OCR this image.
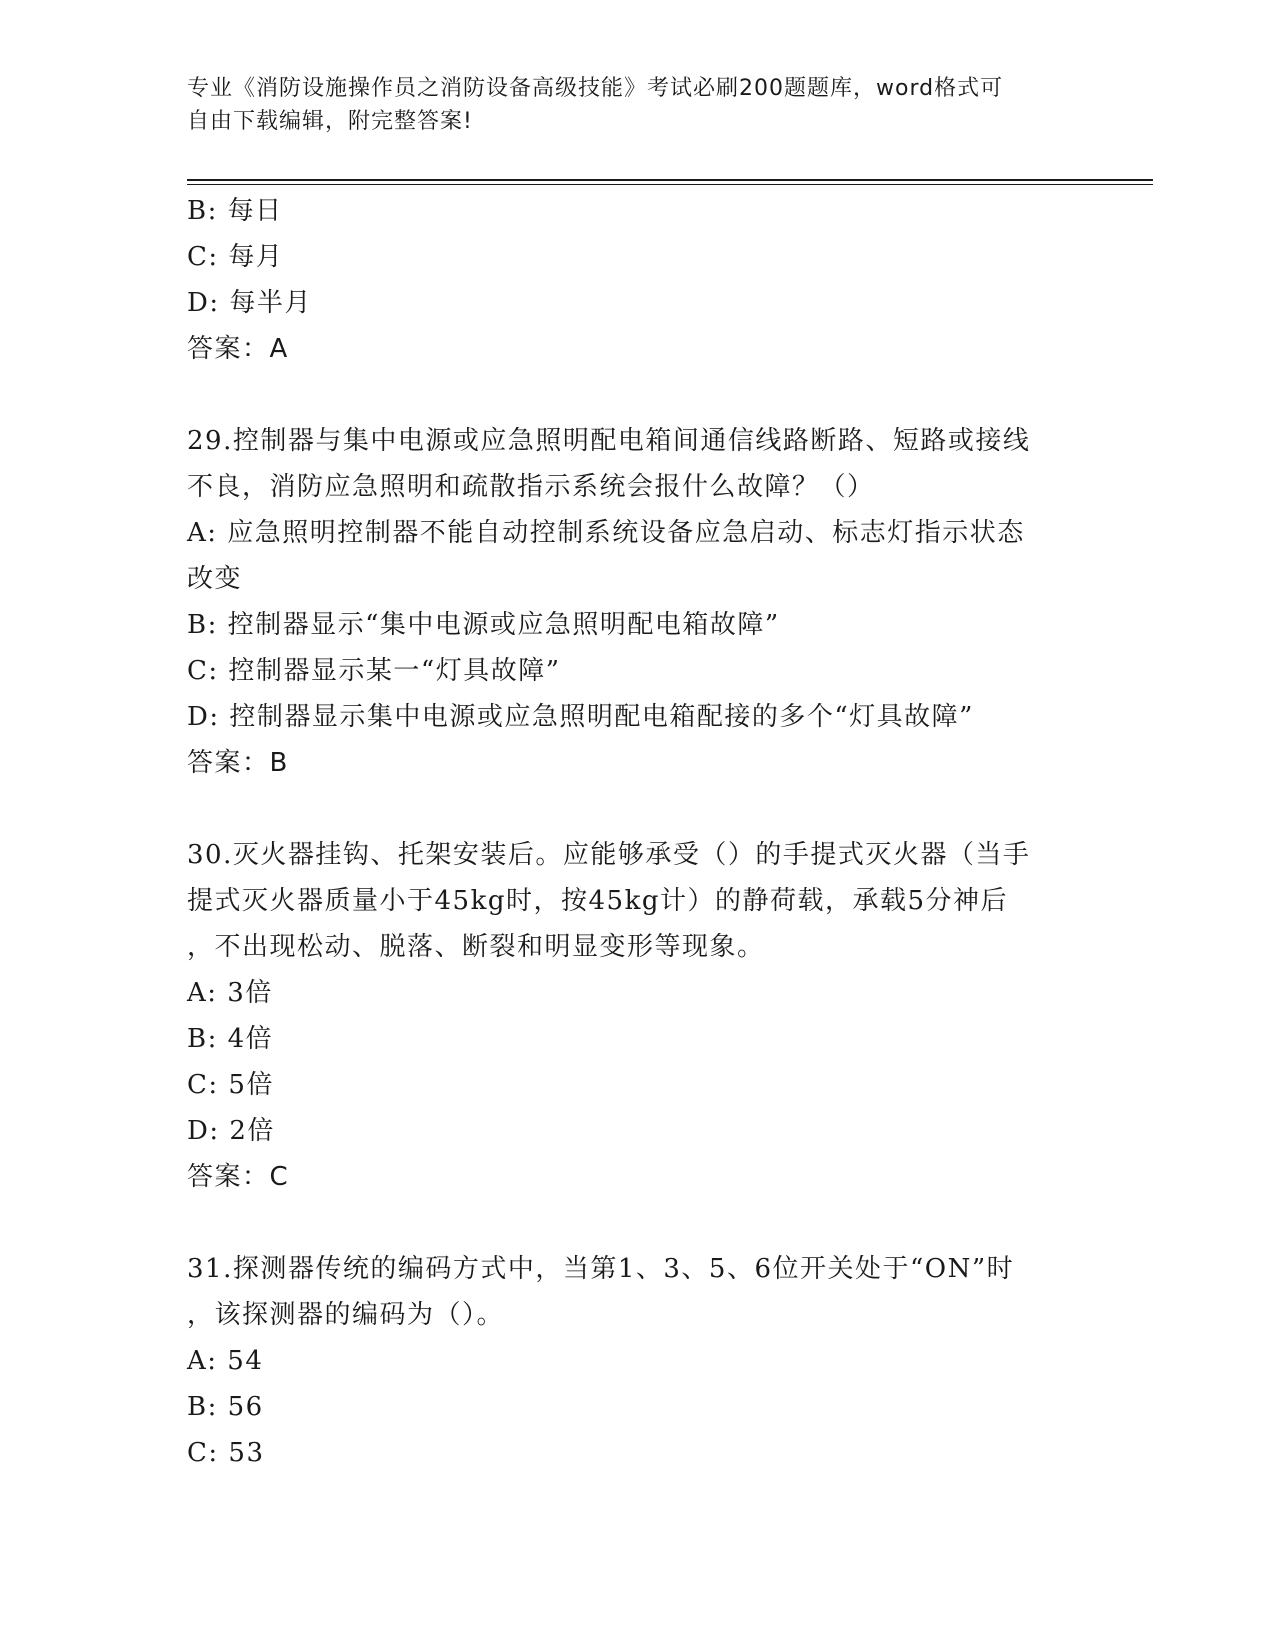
专业《消防设施操作员之消防设备高级技能》考试必刷200题题库，word格式可
自由下载编辑，附完整答案!
B: 每日
C: 每月
D: 每半月
答案：A
29.控制器与集中电源或应急照明配电箱间通信线路断路、短路或接线
不良，消防应急照明和疏散指示系统会报什么故障？（）
A: 应急照明控制器不能自动控制系统设备应急启动、标志灯指示状态
改变
B: 控制器显示“集中电源或应急照明配电箱故障”
C: 控制器显示某一“灯具故障”
D: 控制器显示集中电源或应急照明配电箱配接的多个“灯具故障”
答案：B
30.灭火器挂钩、托架安装后。应能够承受（）的手提式灭火器（当手
提式灭火器质量小于45kg时，按45kg计）的静荷载，承载5分神后
，不出现松动、脱落、断裂和明显变形等现象。
A: 3倍
B: 4倍
C: 5倍
D: 2倍
答案：C
31.探测器传统的编码方式中，当第1、3、5、6位开关处于“ON”时
，该探测器的编码为（）。
A: 54
B: 56
C: 53
